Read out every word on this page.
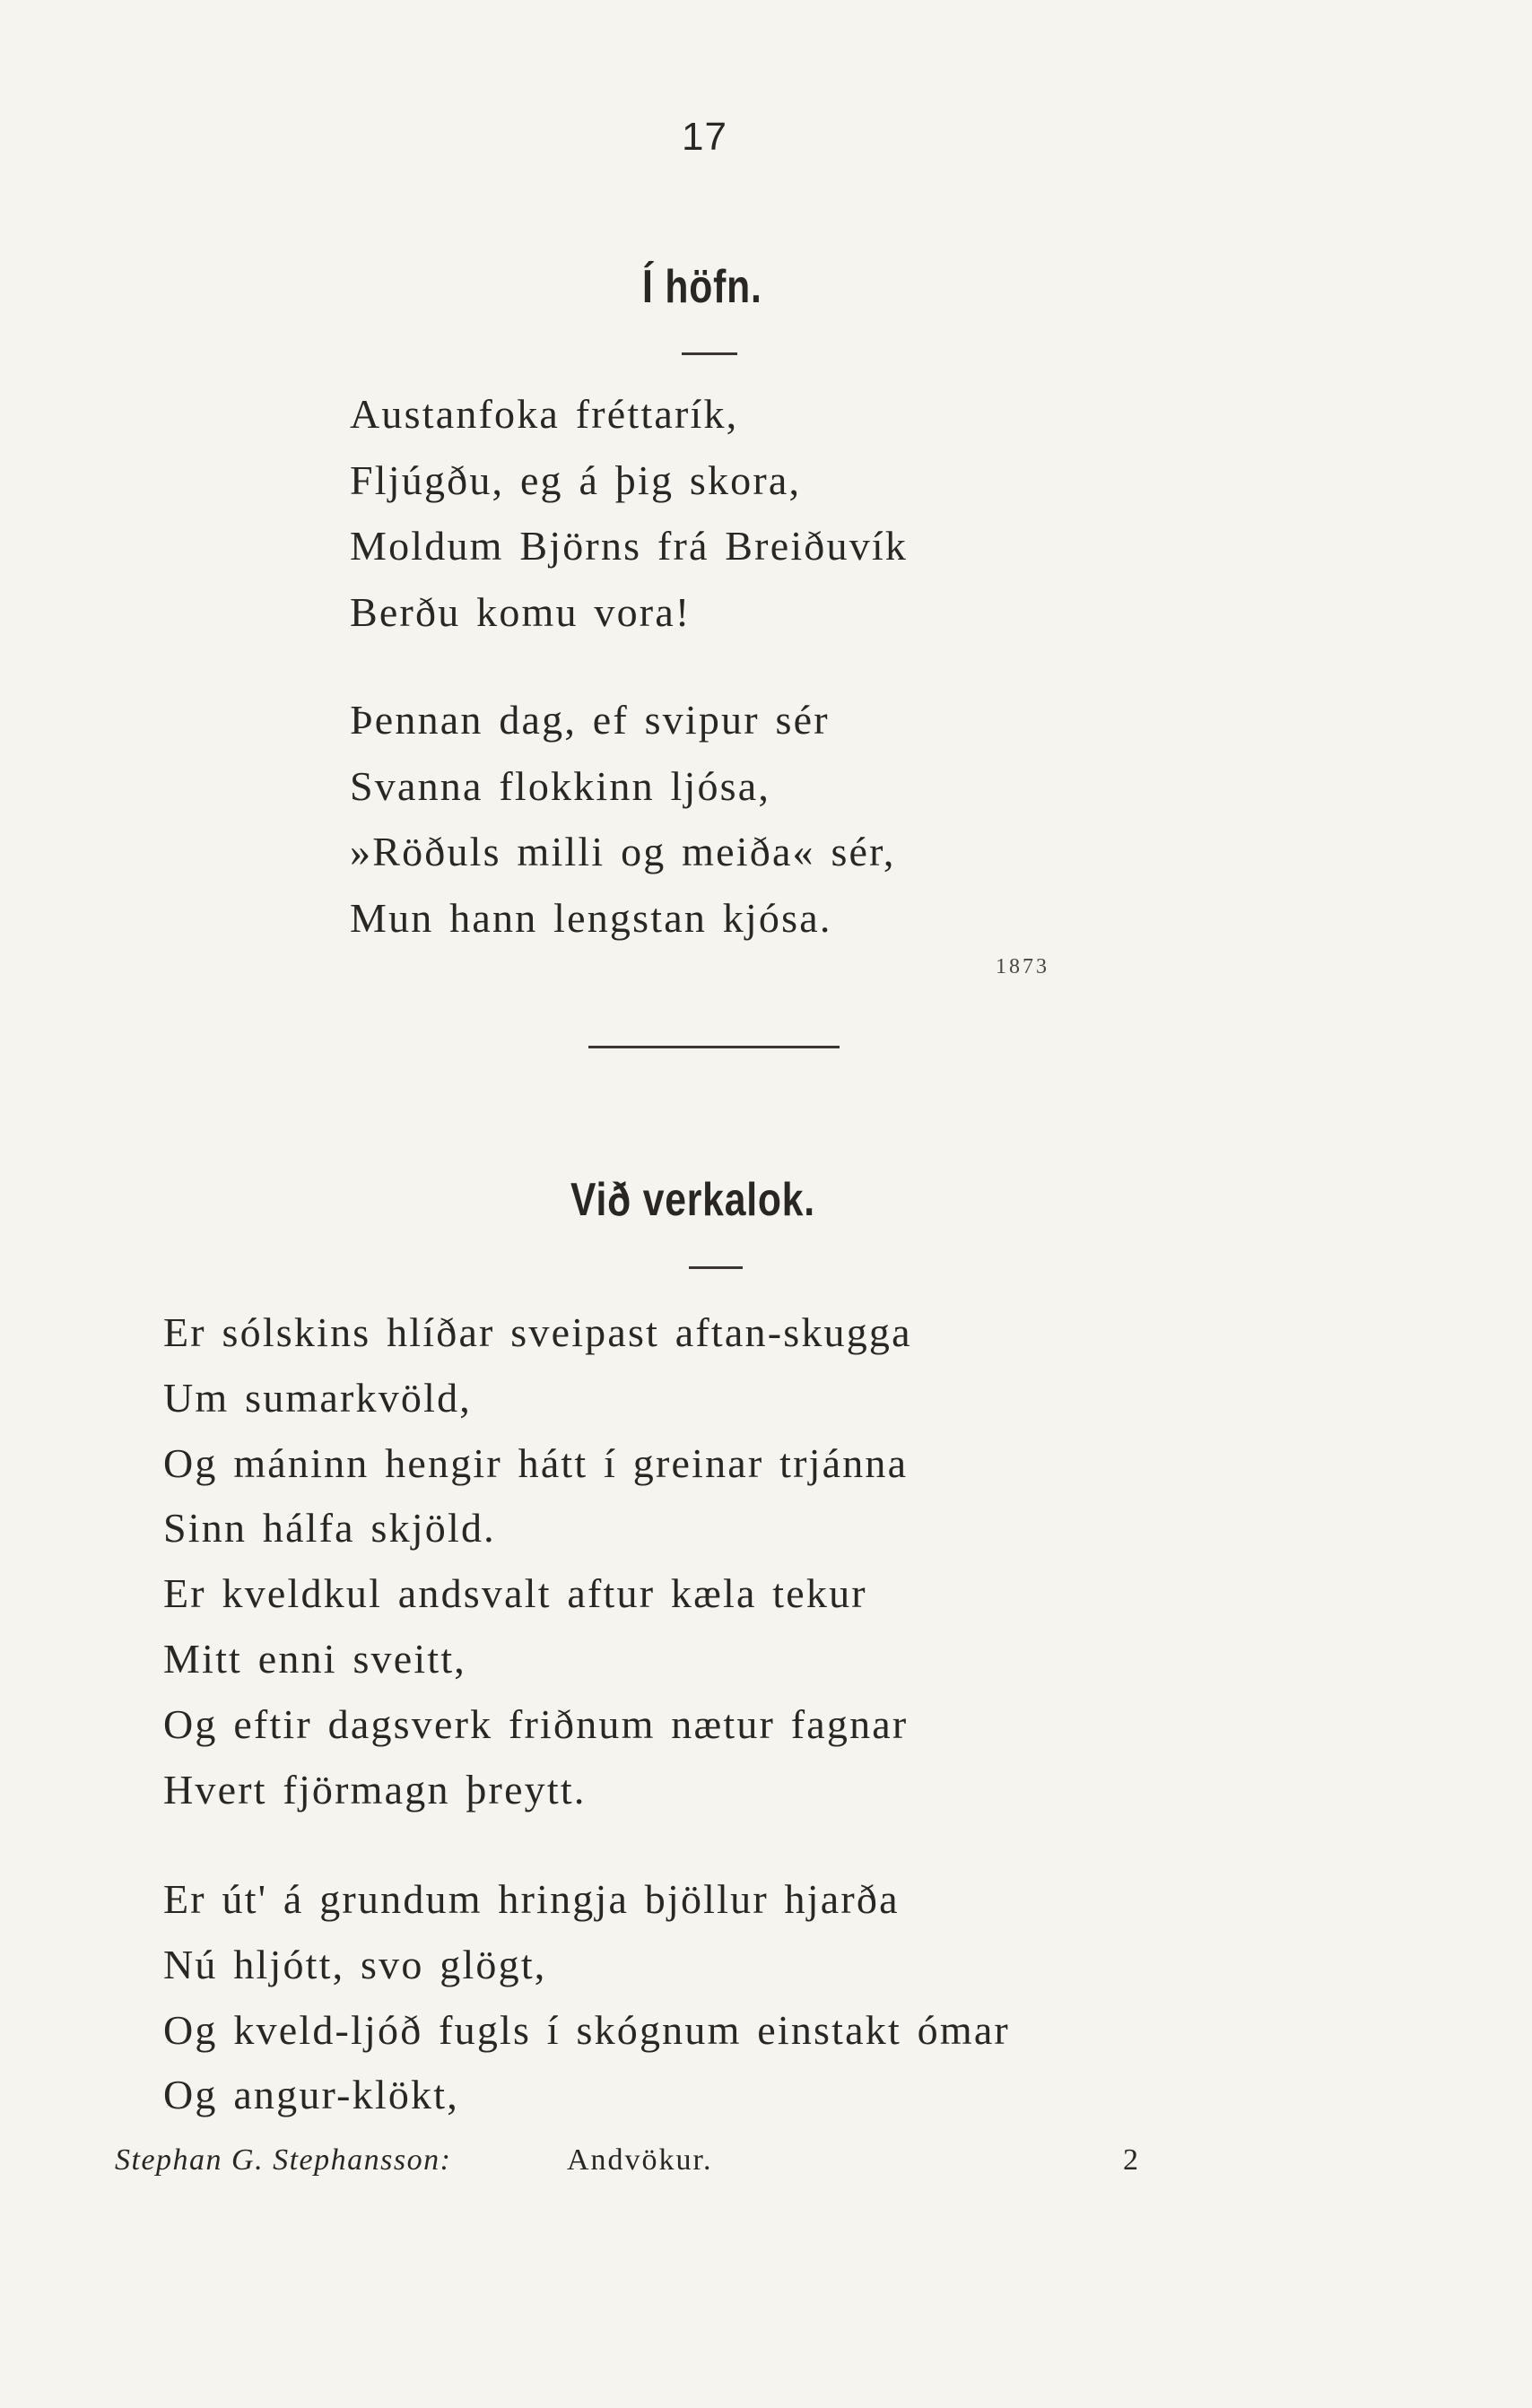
17
Í höfn.
Austanfoka fréttarík,
Fljúgðu, eg á þig skora,
Moldum Björns frá Breiðuvík
Berðu komu vora!
Þennan dag, ef svipur sér
Svanna flokkinn ljósa,
»Röðuls milli og meiða« sér,
Mun hann lengstan kjósa.
1873
Við verkalok.
Er sólskins hlíðar sveipast aftan-skugga
Um sumarkvöld,
Og máninn hengir hátt í greinar trjánna
Sinn hálfa skjöld.
Er kveldkul andsvalt aftur kæla tekur
Mitt enni sveitt,
Og eftir dagsverk friðnum nætur fagnar
Hvert fjörmagn þreytt.
Er út' á grundum hringja bjöllur hjarða
Nú hljótt, svo glögt,
Og kveld-ljóð fugls í skógnum einstakt ómar
Og angur-klökt,
Stephan G. Stephansson:	Andvökur.	2
